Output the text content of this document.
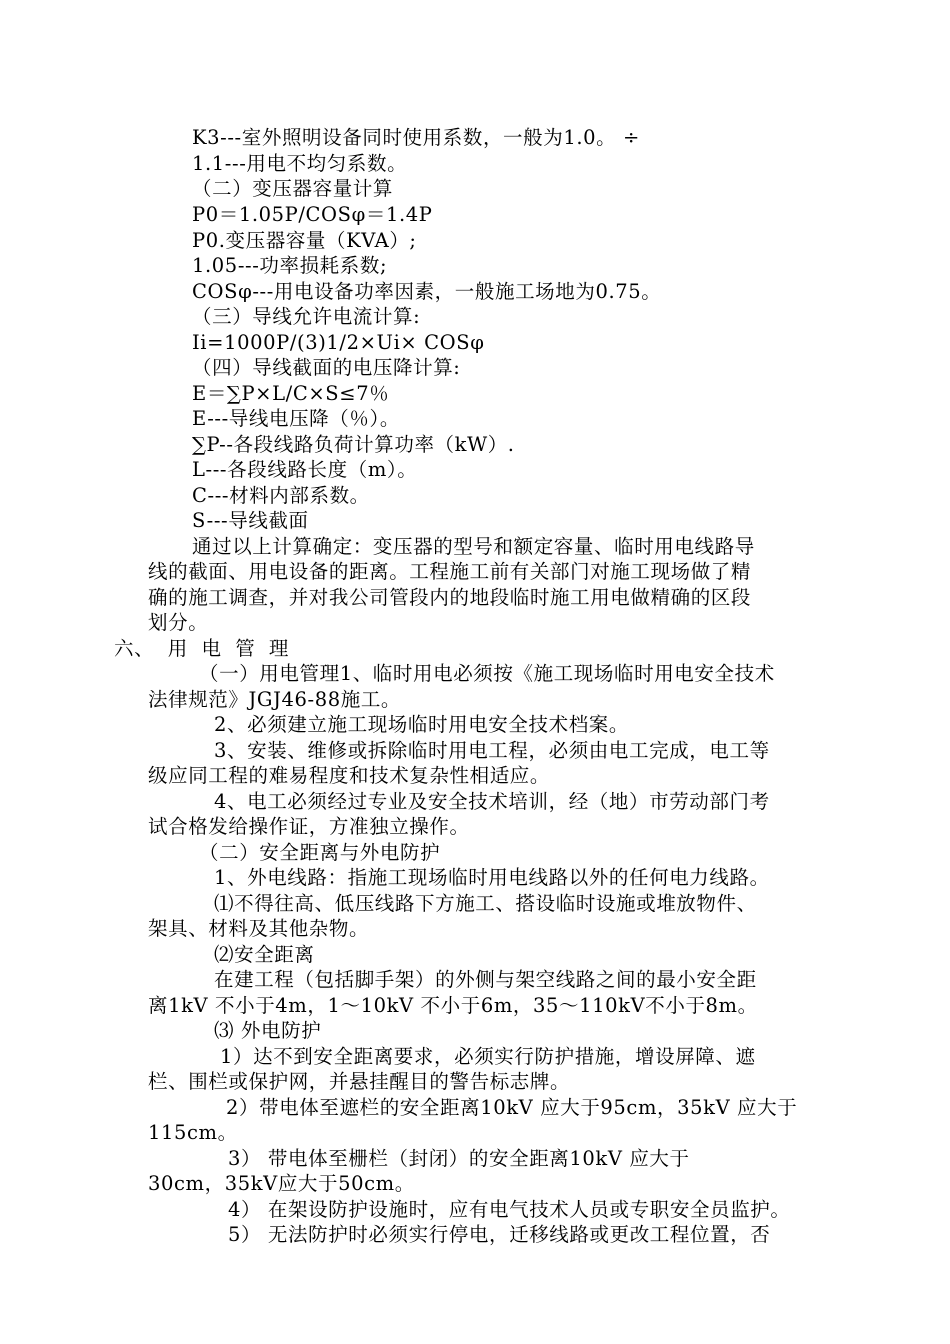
K3---室外照明设备同时使用系数，一般为1.0。 ÷
1.1---用电不均匀系数。
（二）变压器容量计算
P0＝1.05P/COSφ＝1.4P
P0.变压器容量（KVA）;
1.05---功率损耗系数;
COSφ---用电设备功率因素，一般施工场地为0.75。
（三）导线允许电流计算:
Ii=1000P/(3)1/2×Ui× COSφ
（四）导线截面的电压降计算:
E＝∑P×L/C×S≤7％
E---导线电压降（％）。
∑P--各段线路负荷计算功率（kW）.
L---各段线路长度（m）。
C---材料内部系数。
S---导线截面
通过以上计算确定：变压器的型号和额定容量、临时用电线路导
线的截面、用电设备的距离。工程施工前有关部门对施工现场做了精
确的施工调查，并对我公司管段内的地段临时施工用电做精确的区段
划分。
六、  用  电  管  理
（一）用电管理1、临时用电必须按《施工现场临时用电安全技术
法律规范》JGJ46-88施工。
2、必须建立施工现场临时用电安全技术档案。
3、安装、维修或拆除临时用电工程，必须由电工完成，电工等
级应同工程的难易程度和技术复杂性相适应。
4、电工必须经过专业及安全技术培训，经（地）市劳动部门考
试合格发给操作证，方准独立操作。
（二）安全距离与外电防护
1、外电线路：指施工现场临时用电线路以外的任何电力线路。
⑴不得往高、低压线路下方施工、搭设临时设施或堆放物件、
架具、材料及其他杂物。
⑵安全距离
在建工程（包括脚手架）的外侧与架空线路之间的最小安全距
离1kV 不小于4m，1～10kV 不小于6m，35～110kV不小于8m。
⑶ 外电防护
1）达不到安全距离要求，必须实行防护措施，增设屏障、遮
栏、围栏或保护网，并悬挂醒目的警告标志牌。
2）带电体至遮栏的安全距离10kV 应大于95cm，35kV 应大于
115cm。
3） 带电体至栅栏（封闭）的安全距离10kV 应大于
30cm，35kV应大于50cm。
4） 在架设防护设施时，应有电气技术人员或专职安全员监护。
5） 无法防护时必须实行停电，迁移线路或更改工程位置，否
